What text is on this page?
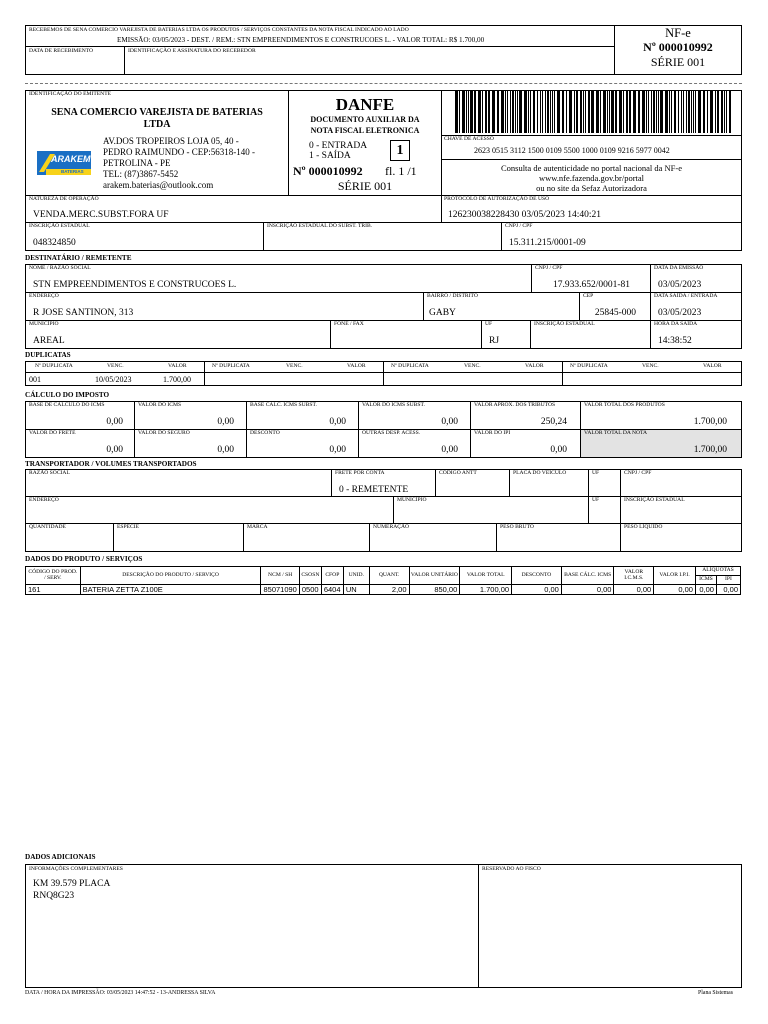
RECEBEMOS DE SENA COMERCIO VAREJISTA DE BATERIAS LTDA OS PRODUTOS / SERVIÇOS CONSTANTES DA NOTA FISCAL INDICADO AO LADO
EMISSÃO: 03/05/2023 - DEST. / REM.: STN EMPREENDIMENTOS E CONSTRUCOES L. - VALOR TOTAL: R$ 1.700,00
DATA DE RECEBIMENTO	IDENTIFICAÇÃO E ASSINATURA DO RECEBEDOR
NF-e
Nº 000010992
SÉRIE 001
IDENTIFICAÇÃO DO EMITENTE
SENA COMERCIO VAREJISTA DE BATERIAS
LTDA
ARAKEM
BATERIAS
AV.DOS TROPEIROS LOJA 05, 40 -
PEDRO RAIMUNDO - CEP:56318-140 -
PETROLINA - PE
TEL: (87)3867-5452
arakem.baterias@outlook.com
DANFE
DOCUMENTO AUXILIAR DA
NOTA FISCAL ELETRONICA
0 - ENTRADA
1 - SAÍDA	1
Nº 000010992 fl. 1 /1
SÉRIE 001
CHAVE DE ACESSO
2623 0515 3112 1500 0109 5500 1000 0109 9216 5977 0042
Consulta de autenticidade no portal nacional da NF-e
www.nfe.fazenda.gov.br/portal
ou no site da Sefaz Autorizadora
NATUREZA DE OPERAÇÃO
VENDA.MERC.SUBST.FORA UF
PROTOCOLO DE AUTORIZAÇÃO DE USO
126230038228430 03/05/2023 14:40:21
INSCRIÇÃO ESTADUAL
048324850
INSCRIÇÃO ESTADUAL DO SUBST. TRIB.	CNPJ / CPF
15.311.215/0001-09
DESTINATÁRIO / REMETENTE
NOME / RAZÃO SOCIAL
STN EMPREENDIMENTOS E CONSTRUCOES L.
CNPJ / CPF
17.933.652/0001-81
DATA DA EMISSÃO
03/05/2023
ENDEREÇO
R JOSE SANTINON, 313
BAIRRO / DISTRITO
GABY
CEP
25845-000
DATA SAÍDA / ENTRADA
03/05/2023
MUNICÍPIO
AREAL
FONE / FAX	UF
RJ
INSCRIÇÃO ESTADUAL	HORA DA SAÍDA
14:38:52
DUPLICATAS
Nº DUPLICATA	VENC.	VALOR	Nº DUPLICATA	VENC.	VALOR	Nº DUPLICATA	VENC.	VALOR	Nº DUPLICATA	VENC.	VALOR
001	10/05/2023	1.700,00
CÁLCULO DO IMPOSTO
BASE DE CÁLCULO DO ICMS
0,00
VALOR DO ICMS
0,00
BASE CALC. ICMS SUBST.
0,00
VALOR DO ICMS SUBST.
0,00
VALOR APROX. DOS TRIBUTOS
250,24
VALOR TOTAL DOS PRODUTOS
1.700,00
VALOR DO FRETE
0,00
VALOR DO SEGURO
0,00
DESCONTO
0,00
OUTRAS DESP. ACESS.
0,00
VALOR DO IPI
0,00
VALOR TOTAL DA NOTA
1.700,00
TRANSPORTADOR / VOLUMES TRANSPORTADOS
RAZÃO SOCIAL	FRETE POR CONTA
0 - REMETENTE
CÓDIGO ANTT	PLACA DO VEÍCULO	UF	CNPJ / CPF
ENDEREÇO	MUNICÍPIO	UF	INSCRIÇÃO ESTADUAL
QUANTIDADE	ESPÉCIE	MARCA	NUMERAÇÃO	PESO BRUTO	PESO LÍQUIDO
DADOS DO PRODUTO / SERVIÇOS
CÓDIGO DO PROD. / SERV.	DESCRIÇÃO DO PRODUTO / SERVIÇO	NCM / SH	CSOSN	CFOP	UNID.	QUANT.	VALOR UNITÁRIO	VALOR TOTAL	DESCONTO	BASE CÁLC. ICMS	VALOR I.C.M.S.	VALOR I.P.I.	ALÍQUOTAS	
													ICMS	IPI
161	BATERIA ZETTA Z100E	85071090	0500	6404	UN	2,00	850,00	1.700,00	0,00	0,00	0,00	0,00	0,00	0,00
DADOS ADICIONAIS
INFORMAÇÕES COMPLEMENTARES
KM 39.579 PLACA
RNQ8G23
RESERVADO AO FISCO
DATA / HORA DA IMPRESSÃO: 03/05/2023 14:47:52 - 13-ANDRESSA SILVA	Plana Sistemas
